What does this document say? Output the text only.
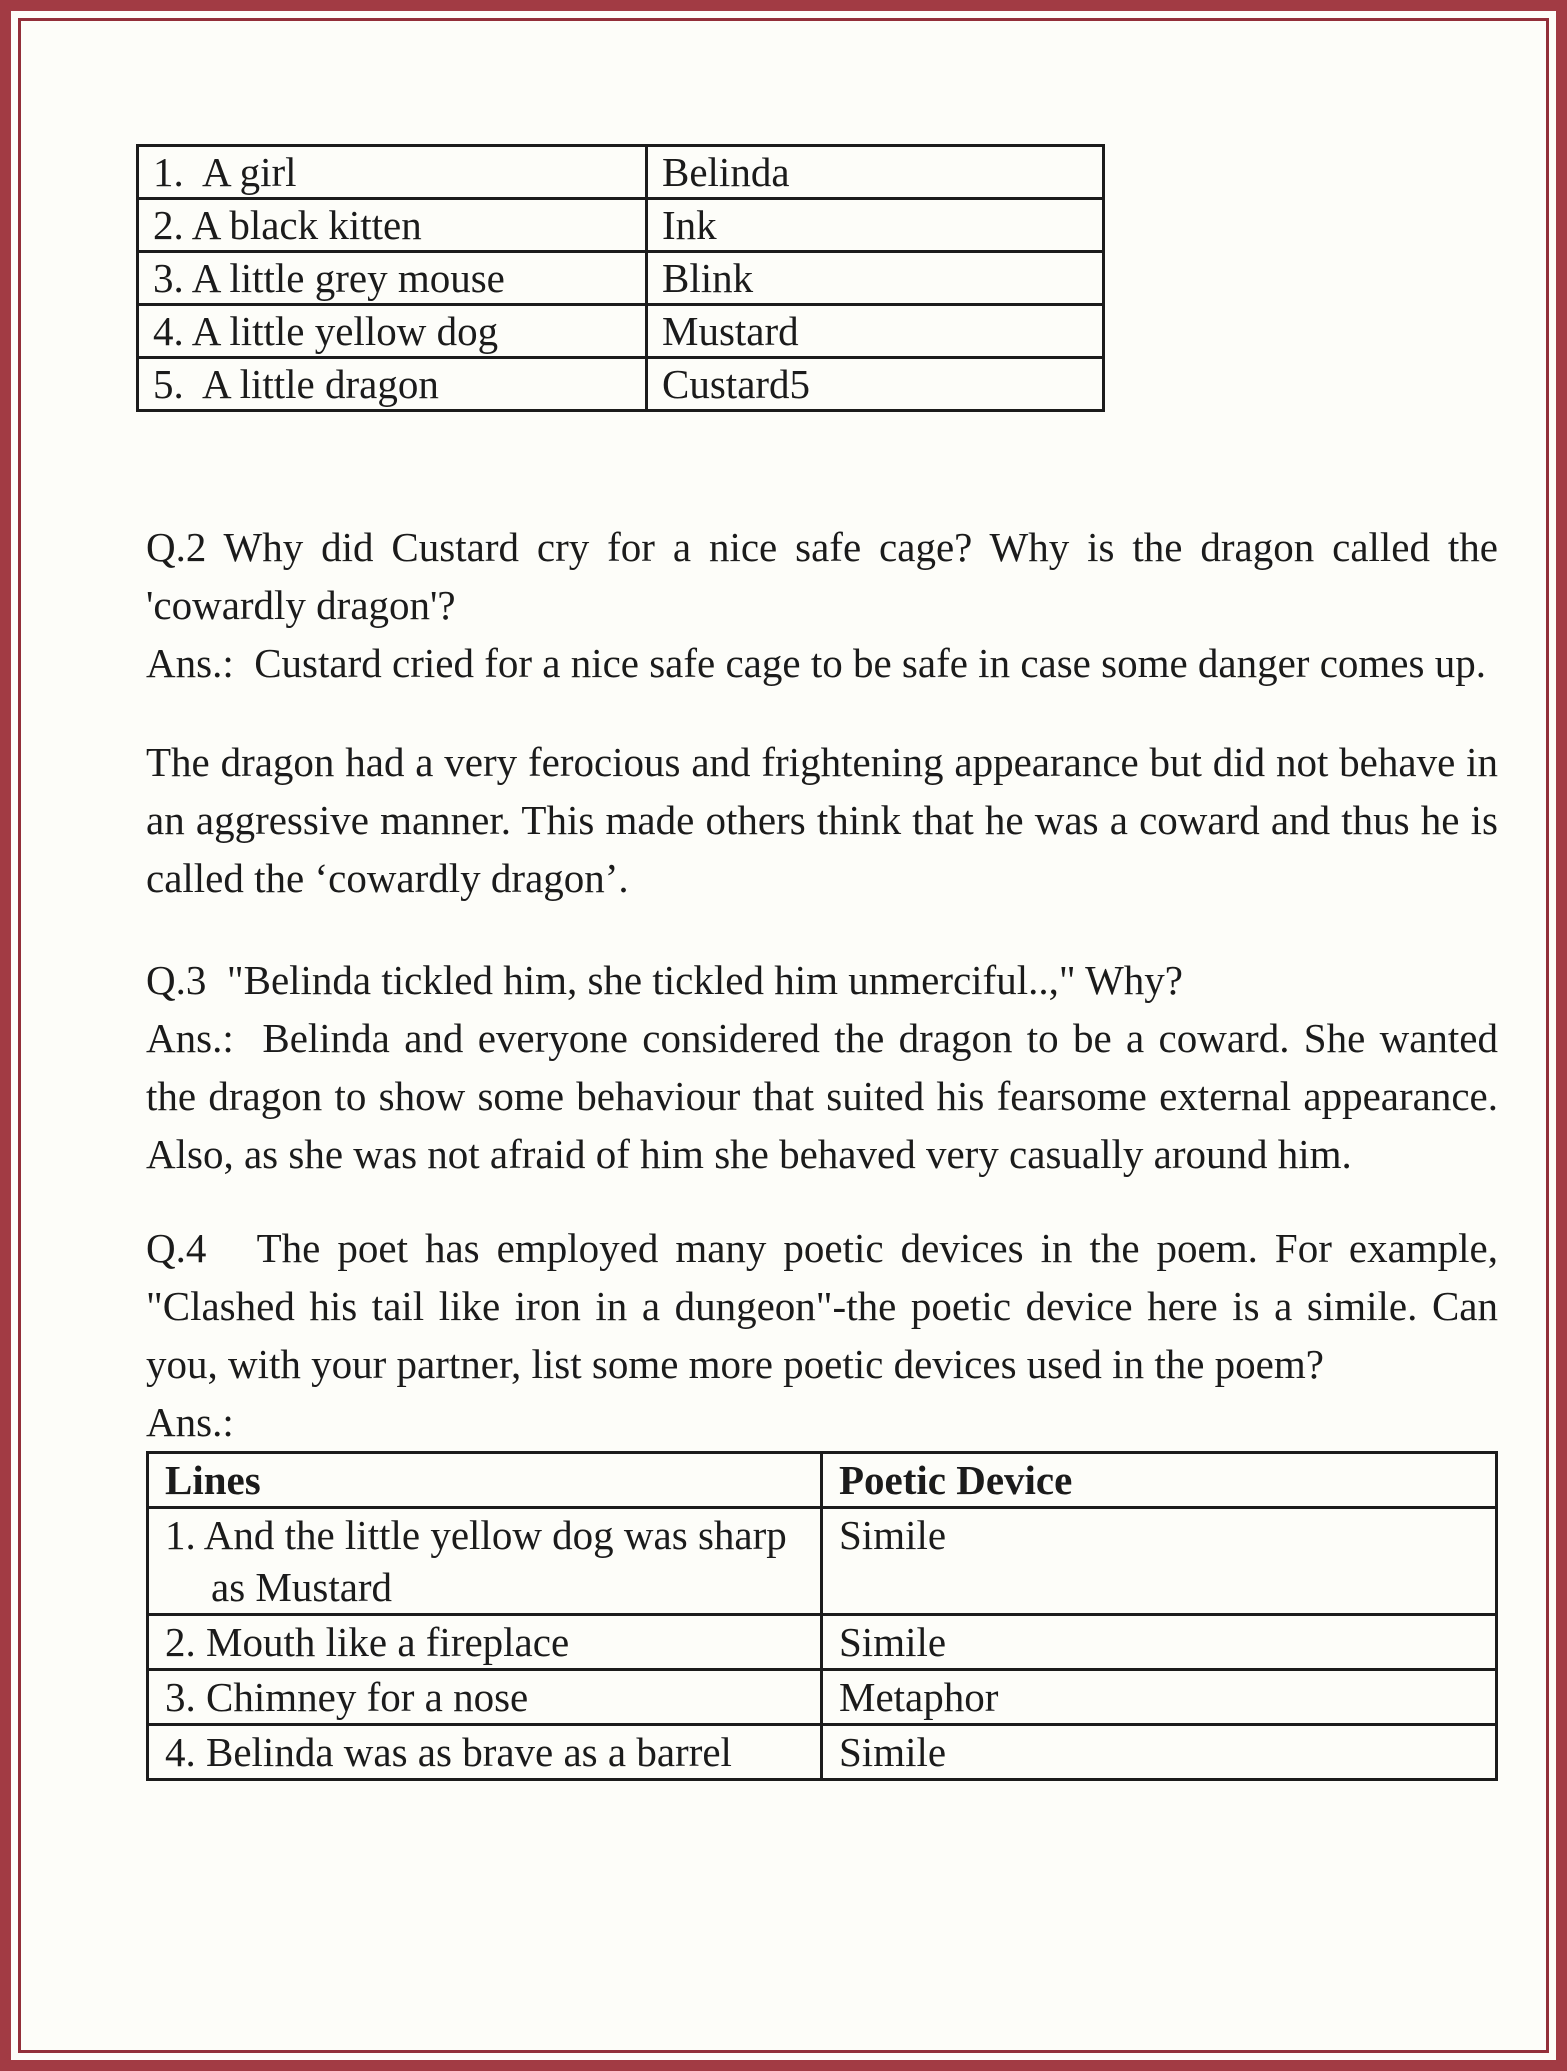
1.  A girl	Belinda
2. A black kitten	Ink
3. A little grey mouse	Blink
4. A little yellow dog	Mustard
5.  A little dragon	Custard5

Q.2 Why did Custard cry for a nice safe cage? Why is the dragon called the 'cowardly dragon'?

Ans.:  Custard cried for a nice safe cage to be safe in case some danger comes up.

The dragon had a very ferocious and frightening appearance but did not behave in an aggressive manner. This made others think that he was a coward and thus he is called the ‘cowardly dragon’.

Q.3  "Belinda tickled him, she tickled him unmerciful..," Why?

Ans.:  Belinda and everyone considered the dragon to be a coward. She wanted the dragon to show some behaviour that suited his fearsome external appearance. Also, as she was not afraid of him she behaved very casually around him.

Q.4   The poet has employed many poetic devices in the poem. For example, "Clashed his tail like iron in a dungeon"-the poetic device here is a simile. Can you, with your partner, list some more poetic devices used in the poem?

Ans.:

Lines	Poetic Device

1. And the little yellow dog was sharp as Mustard	Simile

2. Mouth like a fireplace	Simile

3. Chimney for a nose	Metaphor

4. Belinda was as brave as a barrel	Simile
